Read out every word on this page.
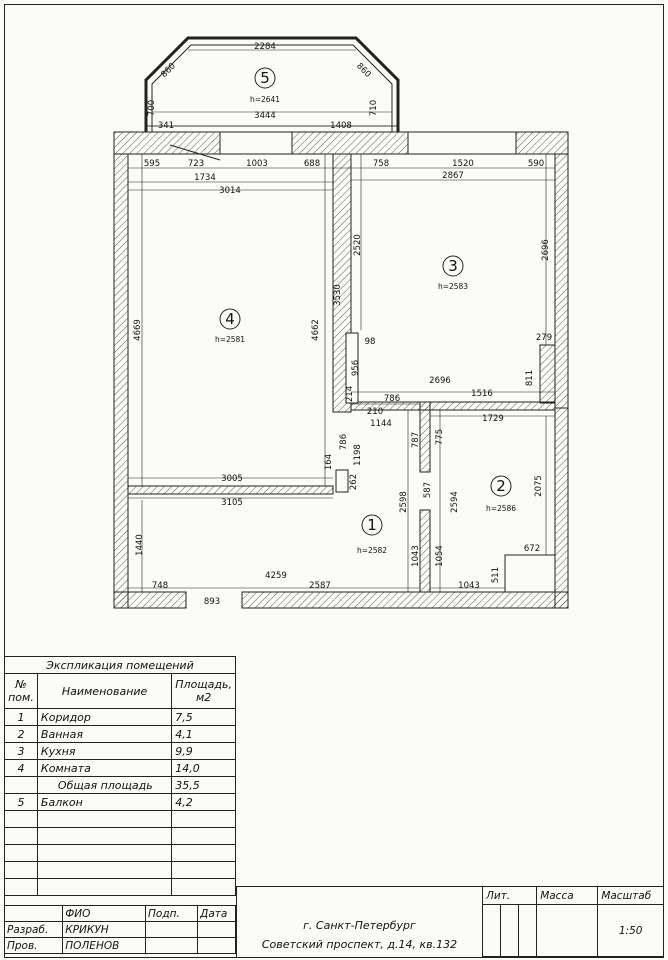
1
h=2582
2
h=2586
3
h=2583
4
h=2581
5
h=2641
2284
860	860
3444
700	710
341	1408
595	723	1003	688	758	1520	590
1734
3014
2867
2520	2696
4669
3530
4662
98	279
956
2696
214	786	1516
811
210
1144	1729
786
1198
787 775
164
262
3005
3105	2598
587
2594
2075
1440
1043 1054	672
511
748
4259
2587	1043
893
Экспликация помещений		
№ пом.	Наименование	Площадь, м2
1	Коридор	7,5
2	Ванная	4,1
3	Кухня	9,9
4	Комната	14,0
	Общая площадь	35,5
5	Балкон	4,2

	ФИО	Подп.	Дата
Разраб.	КРИКУН		
Пров.	ПОЛЕНОВ		
г. Санкт-Петербург
Советский проспект, д.14, кв.132
Лит.			Масса	Масштаб
				1:50
